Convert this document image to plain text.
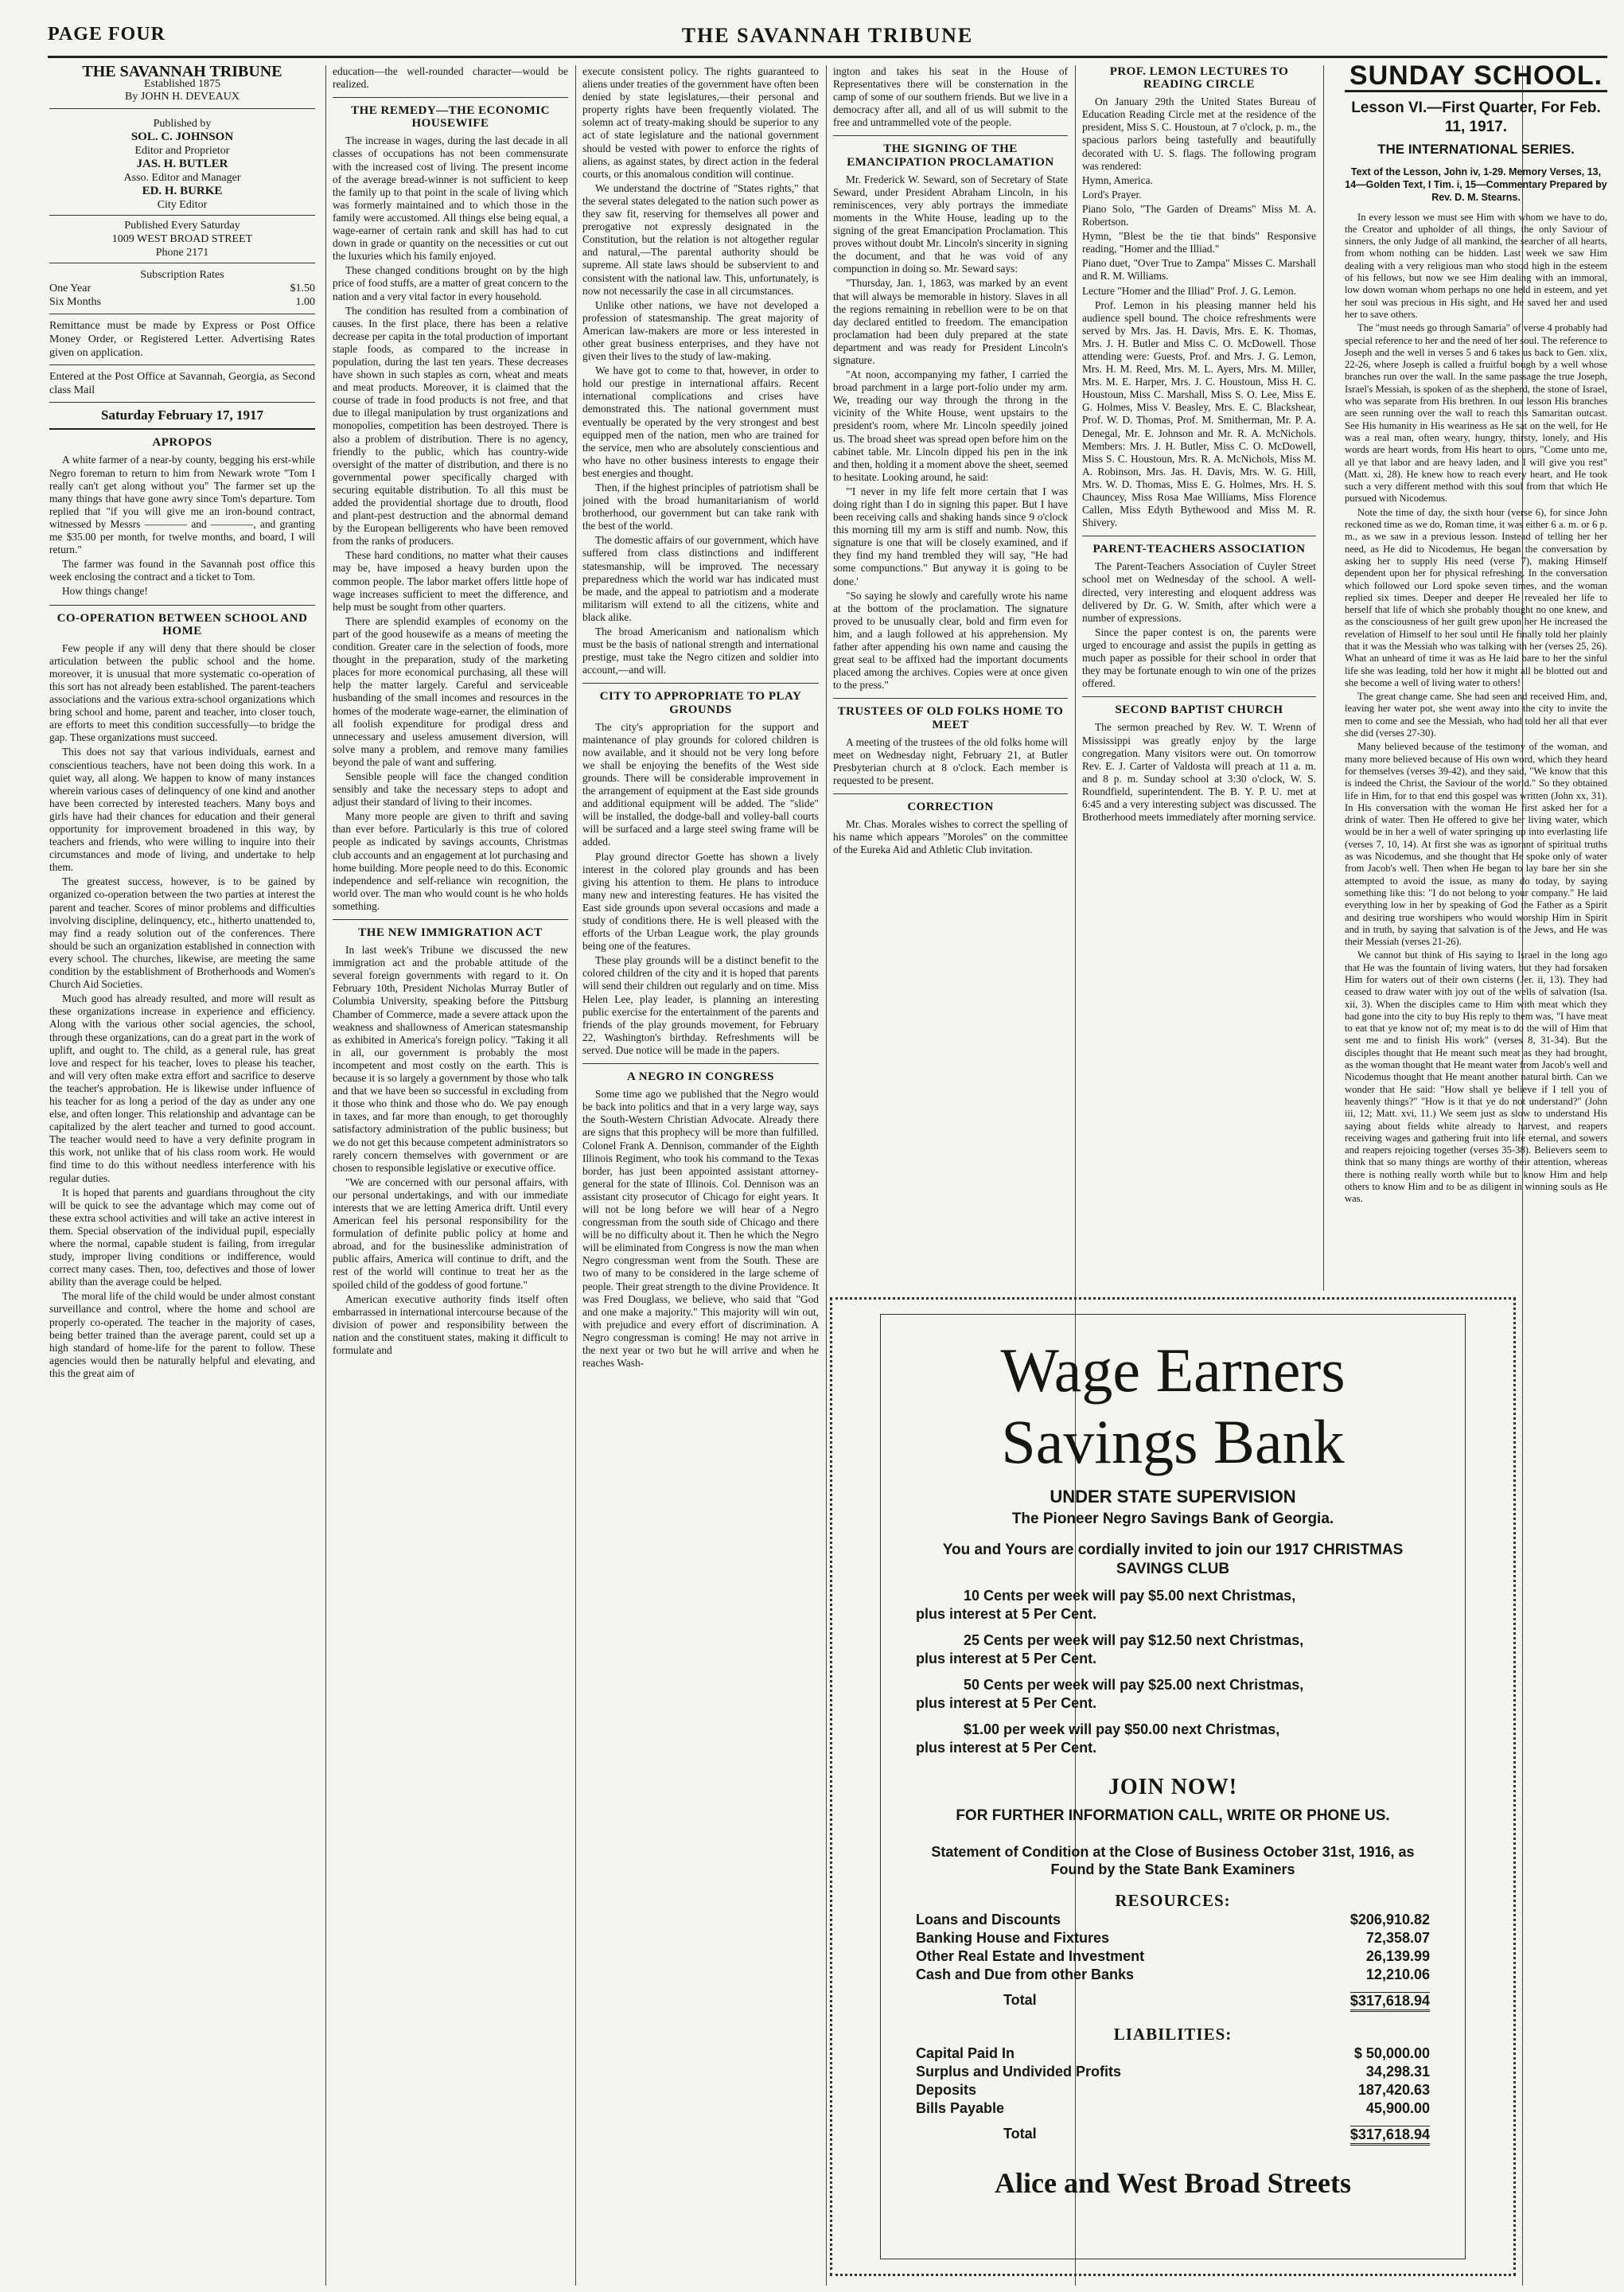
PAGE FOUR	THE SAVANNAH TRIBUNE
THE SAVANNAH TRIBUNE
Established 1875
By JOHN H. DEVEAUX
Published by
SOL. C. JOHNSON
Editor and Proprietor
JAS. H. BUTLER
Asso. Editor and Manager
ED. H. BURKE
City Editor
Published Every Saturday
1009 WEST BROAD STREET
Phone 2171
Subscription Rates
One Year	$1.50
Six Months	1.00
Remittance must be made by Express or Post Office Money Order, or Registered Letter. Advertising Rates given on application.
Entered at the Post Office at Savannah, Georgia, as Second class Mail
Saturday February 17, 1917
APROPOS

A white farmer of a near-by county, begging his erst-while Negro foreman to return to him from Newark wrote "Tom I really can't get along without you" The farmer set up the many things that have gone awry since Tom's departure. Tom replied that "if you will give me an iron-bound contract, witnessed by Messrs ———— and ————, and granting me $35.00 per month, for twelve months, and board, I will return."

The farmer was found in the Savannah post office this week enclosing the contract and a ticket to Tom.

How things change!

CO-OPERATION BETWEEN SCHOOL AND HOME

Few people if any will deny that there should be closer articulation between the public school and the home. moreover, it is unusual that more systematic co-operation of this sort has not already been established. The parent-teachers associations and the various extra-school organizations which bring school and home, parent and teacher, into closer touch, are efforts to meet this condition successfully—to bridge the gap. These organizations must succeed.

This does not say that various individuals, earnest and conscientious teachers, have not been doing this work. In a quiet way, all along. We happen to know of many instances wherein various cases of delinquency of one kind and another have been corrected by interested teachers. Many boys and girls have had their chances for education and their general opportunity for improvement broadened in this way, by teachers and friends, who were willing to inquire into their circumstances and mode of living, and undertake to help them.

The greatest success, however, is to be gained by organized co-operation between the two parties at interest the parent and teacher. Scores of minor problems and difficulties involving discipline, delinquency, etc., hitherto unattended to, may find a ready solution out of the conferences. There should be such an organization established in connection with every school. The churches, likewise, are meeting the same condition by the establishment of Brotherhoods and Women's Church Aid Societies.

Much good has already resulted, and more will result as these organizations increase in experience and efficiency. Along with the various other social agencies, the school, through these organizations, can do a great part in the work of uplift, and ought to. The child, as a general rule, has great love and respect for his teacher, loves to please his teacher, and will very often make extra effort and sacrifice to deserve the teacher's approbation. He is likewise under influence of his teacher for as long a period of the day as under any one else, and often longer. This relationship and advantage can be capitalized by the alert teacher and turned to good account. The teacher would need to have a very definite program in this work, not unlike that of his class room work. He would find time to do this without needless interference with his regular duties.

It is hoped that parents and guardians throughout the city will be quick to see the advantage which may come out of these extra school activities and will take an active interest in them. Special observation of the individual pupil, especially where the normal, capable student is failing, from irregular study, improper living conditions or indifference, would correct many cases. Then, too, defectives and those of lower ability than the average could be helped.

The moral life of the child would be under almost constant surveillance and control, where the home and school are properly co-operated. The teacher in the majority of cases, being better trained than the average parent, could set up a high standard of home-life for the parent to follow. These agencies would then be naturally helpful and elevating, and this the great aim of

education—the well-rounded character—would be realized.

THE REMEDY—THE ECONOMIC HOUSEWIFE

The increase in wages, during the last decade in all classes of occupations has not been commensurate with the increased cost of living. The present income of the average bread-winner is not sufficient to keep the family up to that point in the scale of living which was formerly maintained and to which those in the family were accustomed. All things else being equal, a wage-earner of certain rank and skill has had to cut down in grade or quantity on the necessities or cut out the luxuries which his family enjoyed.

These changed conditions brought on by the high price of food stuffs, are a matter of great concern to the nation and a very vital factor in every household.

The condition has resulted from a combination of causes. In the first place, there has been a relative decrease per capita in the total production of important staple foods, as compared to the increase in population, during the last ten years. These decreases have shown in such staples as corn, wheat and meats and meat products. Moreover, it is claimed that the course of trade in food products is not free, and that due to illegal manipulation by trust organizations and monopolies, competition has been destroyed. There is also a problem of distribution. There is no agency, friendly to the public, which has country-wide oversight of the matter of distribution, and there is no governmental power specifically charged with securing equitable distribution. To all this must be added the providential shortage due to drouth, flood and plant-pest destruction and the abnormal demand by the European belligerents who have been removed from the ranks of producers.

These hard conditions, no matter what their causes may be, have imposed a heavy burden upon the common people. The labor market offers little hope of wage increases sufficient to meet the difference, and help must be sought from other quarters.

There are splendid examples of economy on the part of the good housewife as a means of meeting the condition. Greater care in the selection of foods, more thought in the preparation, study of the marketing places for more economical purchasing, all these will help the matter largely. Careful and serviceable husbanding of the small incomes and resources in the homes of the moderate wage-earner, the elimination of all foolish expenditure for prodigal dress and unnecessary and useless amusement diversion, will solve many a problem, and remove many families beyond the pale of want and suffering.

Sensible people will face the changed condition sensibly and take the necessary steps to adopt and adjust their standard of living to their incomes.

Many more people are given to thrift and saving than ever before. Particularly is this true of colored people as indicated by savings accounts, Christmas club accounts and an engagement at lot purchasing and home building. More people need to do this. Economic independence and self-reliance win recognition, the world over. The man who would count is he who holds something.

THE NEW IMMIGRATION ACT

In last week's Tribune we discussed the new immigration act and the probable attitude of the several foreign governments with regard to it. On February 10th, President Nicholas Murray Butler of Columbia University, speaking before the Pittsburg Chamber of Commerce, made a severe attack upon the weakness and shallowness of American statesmanship as exhibited in America's foreign policy. "Taking it all in all, our government is probably the most incompetent and most costly on the earth. This is because it is so largely a government by those who talk and that we have been so successful in excluding from it those who think and those who do. We pay enough in taxes, and far more than enough, to get thoroughly satisfactory administration of the public business; but we do not get this because competent administrators so rarely concern themselves with government or are chosen to responsible legislative or executive office.

"We are concerned with our personal affairs, with our personal undertakings, and with our immediate interests that we are letting America drift. Until every American feel his personal responsibility for the formulation of definite public policy at home and abroad, and for the businesslike administration of public affairs, America will continue to drift, and the rest of the world will continue to treat her as the spoiled child of the goddess of good fortune."

American executive authority finds itself often embarrassed in international intercourse because of the division of power and responsibility between the nation and the constituent states, making it difficult to formulate and

execute consistent policy. The rights guaranteed to aliens under treaties of the government have often been denied by state legislatures,—their personal and property rights have been frequently violated. The solemn act of treaty-making should be superior to any act of state legislature and the national government should be vested with power to enforce the rights of aliens, as against states, by direct action in the federal courts, or this anomalous condition will continue.

We understand the doctrine of "States rights," that the several states delegated to the nation such power as they saw fit, reserving for themselves all power and prerogative not expressly designated in the Constitution, but the relation is not altogether regular and natural,—The parental authority should be supreme. All state laws should be subservient to and consistent with the national law. This, unfortunately, is now not necessarily the case in all circumstances.

Unlike other nations, we have not developed a profession of statesmanship. The great majority of American law-makers are more or less interested in other great business enterprises, and they have not given their lives to the study of law-making.

We have got to come to that, however, in order to hold our prestige in international affairs. Recent international complications and crises have demonstrated this. The national government must eventually be operated by the very strongest and best equipped men of the nation, men who are trained for the service, men who are absolutely conscientious and who have no other business interests to engage their best energies and thought.

Then, if the highest principles of patriotism shall be joined with the broad humanitarianism of world brotherhood, our government but can take rank with the best of the world.

The domestic affairs of our government, which have suffered from class distinctions and indifferent statesmanship, will be improved. The necessary preparedness which the world war has indicated must be made, and the appeal to patriotism and a moderate militarism will extend to all the citizens, white and black alike.

The broad Americanism and nationalism which must be the basis of national strength and international prestige, must take the Negro citizen and soldier into account,—and will.

CITY TO APPROPRIATE TO PLAY GROUNDS

The city's appropriation for the support and maintenance of play grounds for colored children is now available, and it should not be very long before we shall be enjoying the benefits of the West side grounds. There will be considerable improvement in the arrangement of equipment at the East side grounds and additional equipment will be added. The "slide" will be installed, the dodge-ball and volley-ball courts will be surfaced and a large steel swing frame will be added.

Play ground director Goette has shown a lively interest in the colored play grounds and has been giving his attention to them. He plans to introduce many new and interesting features. He has visited the East side grounds upon several occasions and made a study of conditions there. He is well pleased with the efforts of the Urban League work, the play grounds being one of the features.

These play grounds will be a distinct benefit to the colored children of the city and it is hoped that parents will send their children out regularly and on time. Miss Helen Lee, play leader, is planning an interesting public exercise for the entertainment of the parents and friends of the play grounds movement, for February 22, Washington's birthday. Refreshments will be served. Due notice will be made in the papers.

A NEGRO IN CONGRESS

Some time ago we published that the Negro would be back into politics and that in a very large way, says the South-Western Christian Advocate. Already there are signs that this prophecy will be more than fulfilled. Colonel Frank A. Dennison, commander of the Eighth Illinois Regiment, who took his command to the Texas border, has just been appointed assistant attorney-general for the state of Illinois. Col. Dennison was an assistant city prosecutor of Chicago for eight years. It will not be long before we will hear of a Negro congressman from the south side of Chicago and there will be no difficulty about it. Then he which the Negro will be eliminated from Congress is now the man when Negro congressman went from the South. These are two of many to be considered in the large scheme of people. Their great strength to the divine Providence. It was Fred Douglass, we believe, who said that "God and one make a majority." This majority will win out, with prejudice and every effort of discrimination. A Negro congressman is coming! He may not arrive in the next year or two but he will arrive and when he reaches Wash-

ington and takes his seat in the House of Representatives there will be consternation in the camp of some of our southern friends. But we live in a democracy after all, and all of us will submit to the free and untrammelled vote of the people.

THE SIGNING OF THE EMANCIPATION PROCLAMATION

Mr. Frederick W. Seward, son of Secretary of State Seward, under President Abraham Lincoln, in his reminiscences, very ably portrays the immediate moments in the White House, leading up to the signing of the great Emancipation Proclamation. This proves without doubt Mr. Lincoln's sincerity in signing the document, and that he was void of any compunction in doing so. Mr. Seward says:

"Thursday, Jan. 1, 1863, was marked by an event that will always be memorable in history. Slaves in all the regions remaining in rebellion were to be on that day declared entitled to freedom. The emancipation proclamation had been duly prepared at the state department and was ready for President Lincoln's signature.

"At noon, accompanying my father, I carried the broad parchment in a large port-folio under my arm. We, treading our way through the throng in the vicinity of the White House, went upstairs to the president's room, where Mr. Lincoln speedily joined us. The broad sheet was spread open before him on the cabinet table. Mr. Lincoln dipped his pen in the ink and then, holding it a moment above the sheet, seemed to hesitate. Looking around, he said:

"'I never in my life felt more certain that I was doing right than I do in signing this paper. But I have been receiving calls and shaking hands since 9 o'clock this morning till my arm is stiff and numb. Now, this signature is one that will be closely examined, and if they find my hand trembled they will say, "He had some compunctions." But anyway it is going to be done.'

"So saying he slowly and carefully wrote his name at the bottom of the proclamation. The signature proved to be unusually clear, bold and firm even for him, and a laugh followed at his apprehension. My father after appending his own name and causing the great seal to be affixed had the important documents placed among the archives. Copies were at once given to the press."

TRUSTEES OF OLD FOLKS HOME TO MEET

A meeting of the trustees of the old folks home will meet on Wednesday night, February 21, at Butler Presbyterian church at 8 o'clock. Each member is requested to be present.

CORRECTION

Mr. Chas. Morales wishes to correct the spelling of his name which appears "Moroles" on the committee of the Eureka Aid and Athletic Club invitation.

PROF. LEMON LECTURES TO READING CIRCLE

On January 29th the United States Bureau of Education Reading Circle met at the residence of the president, Miss S. C. Houstoun, at 7 o'clock, p. m., the spacious parlors being tastefully and beautifully decorated with U. S. flags. The following program was rendered:

Hymn, America.

Lord's Prayer.

Piano Solo, "The Garden of Dreams" Miss M. A. Robertson.

Hymn, "Blest be the tie that binds" Responsive reading, "Homer and the Illiad."

Piano duet, "Over True to Zampa" Misses C. Marshall and R. M. Williams.

Lecture "Homer and the Illiad" Prof. J. G. Lemon.

Prof. Lemon in his pleasing manner held his audience spell bound. The choice refreshments were served by Mrs. Jas. H. Davis, Mrs. E. K. Thomas, Mrs. J. H. Butler and Miss C. O. McDowell. Those attending were: Guests, Prof. and Mrs. J. G. Lemon, Mrs. H. M. Reed, Mrs. M. L. Ayers, Mrs. M. Miller, Mrs. M. E. Harper, Mrs. J. C. Houstoun, Miss H. C. Houstoun, Miss C. Marshall, Miss S. O. Lee, Miss E. G. Holmes, Miss V. Beasley, Mrs. E. C. Blackshear, Prof. W. D. Thomas, Prof. M. Smitherman, Mr. P. A. Denegal, Mr. E. Johnson and Mr. R. A. McNichols. Members: Mrs. J. H. Butler, Miss C. O. McDowell, Miss S. C. Houstoun, Mrs. R. A. McNichols, Miss M. A. Robinson, Mrs. Jas. H. Davis, Mrs. W. G. Hill, Mrs. W. D. Thomas, Miss E. G. Holmes, Mrs. H. S. Chauncey, Miss Rosa Mae Williams, Miss Florence Callen, Miss Edyth Bythewood and Miss M. R. Shivery.

PARENT-TEACHERS ASSOCIATION

The Parent-Teachers Association of Cuyler Street school met on Wednesday of the school. A well-directed, very interesting and eloquent address was delivered by Dr. G. W. Smith, after which were a number of expressions.

Since the paper contest is on, the parents were urged to encourage and assist the pupils in getting as much paper as possible for their school in order that they may be fortunate enough to win one of the prizes offered.

SECOND BAPTIST CHURCH

The sermon preached by Rev. W. T. Wrenn of Mississippi was greatly enjoy by the large congregation. Many visitors were out. On tomorrow Rev. E. J. Carter of Valdosta will preach at 11 a. m. and 8 p. m. Sunday school at 3:30 o'clock, W. S. Roundfield, superintendent. The B. Y. P. U. met at 6:45 and a very interesting subject was discussed. The Brotherhood meets immediately after morning service.

SUNDAY SCHOOL.
Lesson VI.—First Quarter, For Feb. 11, 1917.
THE INTERNATIONAL SERIES.
Text of the Lesson, John iv, 1-29. Memory Verses, 13, 14—Golden Text, I Tim. i, 15—Commentary Prepared by Rev. D. M. Stearns.

In every lesson we must see Him with whom we have to do, the Creator and upholder of all things, the only Saviour of sinners, the only Judge of all mankind, the searcher of all hearts, from whom nothing can be hidden. Last week we saw Him dealing with a very religious man who stood high in the esteem of his fellows, but now we see Him dealing with an immoral, low down woman whom perhaps no one held in esteem, and yet her soul was precious in His sight, and He saved her and used her to save others.

The "must needs go through Samaria" of verse 4 probably had special reference to her and the need of her soul. The reference to Joseph and the well in verses 5 and 6 takes us back to Gen. xlix, 22-26, where Joseph is called a fruitful bough by a well whose branches run over the wall. In the same passage the true Joseph, Israel's Messiah, is spoken of as the shepherd, the stone of Israel, who was separate from His brethren. In our lesson His branches are seen running over the wall to reach this Samaritan outcast. See His humanity in His weariness as He sat on the well, for He was a real man, often weary, hungry, thirsty, lonely, and His words are heart words, from His heart to ours, "Come unto me, all ye that labor and are heavy laden, and I will give you rest" (Matt. xi, 28). He knew how to reach every heart, and He took such a very different method with this soul from that which He pursued with Nicodemus.

Note the time of day, the sixth hour (verse 6), for since John reckoned time as we do, Roman time, it was either 6 a. m. or 6 p. m., as we saw in a previous lesson. Instead of telling her her need, as He did to Nicodemus, He began the conversation by asking her to supply His need (verse 7), making Himself dependent upon her for physical refreshing. In the conversation which followed our Lord spoke seven times, and the woman replied six times. Deeper and deeper He revealed her life to herself that life of which she probably thought no one knew, and as the consciousness of her guilt grew upon her He increased the revelation of Himself to her soul until He finally told her plainly that it was the Messiah who was talking with her (verses 25, 26). What an unheard of time it was as He laid bare to her the sinful life she was leading, told her how it might all be blotted out and she become a well of living water to others!

The great change came. She had seen and received Him, and, leaving her water pot, she went away into the city to invite the men to come and see the Messiah, who had told her all that ever she did (verses 27-30).

Many believed because of the testimony of the woman, and many more believed because of His own word, which they heard for themselves (verses 39-42), and they said, "We know that this is indeed the Christ, the Saviour of the world." So they obtained life in Him, for to that end this gospel was written (John xx, 31). In His conversation with the woman He first asked her for a drink of water. Then He offered to give her living water, which would be in her a well of water springing up into everlasting life (verses 7, 10, 14). At first she was as ignorant of spiritual truths as was Nicodemus, and she thought that He spoke only of water from Jacob's well. Then when He began to lay bare her sin she attempted to avoid the issue, as many do today, by saying something like this: "I do not belong to your company." He laid everything low in her by speaking of God the Father as a Spirit and desiring true worshipers who would worship Him in Spirit and in truth, by saying that salvation is of the Jews, and He was their Messiah (verses 21-26).

We cannot but think of His saying to Israel in the long ago that He was the fountain of living waters, but they had forsaken Him for waters out of their own cisterns (Jer. ii, 13). They had ceased to draw water with joy out of the wells of salvation (Isa. xii, 3). When the disciples came to Him with meat which they had gone into the city to buy His reply to them was, "I have meat to eat that ye know not of; my meat is to do the will of Him that sent me and to finish His work" (verses 8, 31-34). But the disciples thought that He meant such meat as they had brought, as the woman thought that He meant water from Jacob's well and Nicodemus thought that He meant another natural birth. Can we wonder that He said: "How shall ye believe if I tell you of heavenly things?" "How is it that ye do not understand?" (John iii, 12; Matt. xvi, 11.) We seem just as slow to understand His saying about fields white already to harvest, and reapers receiving wages and gathering fruit into life eternal, and sowers and reapers rejoicing together (verses 35-38). Believers seem to think that so many things are worthy of their attention, whereas there is nothing really worth while but to know Him and help others to know Him and to be as diligent in winning souls as He was.

Wage Earners
Savings Bank
UNDER STATE SUPERVISION
The Pioneer Negro Savings Bank of Georgia.
You and Yours are cordially invited to join our 1917 CHRISTMAS SAVINGS CLUB
10 Cents per week will pay $5.00 next Christmas,
plus interest at 5 Per Cent.
25 Cents per week will pay $12.50 next Christmas,
plus interest at 5 Per Cent.
50 Cents per week will pay $25.00 next Christmas,
plus interest at 5 Per Cent.
$1.00 per week will pay $50.00 next Christmas,
plus interest at 5 Per Cent.
JOIN NOW!
FOR FURTHER INFORMATION CALL, WRITE OR PHONE US.
Statement of Condition at the Close of Business October 31st, 1916, as Found by the State Bank Examiners
RESOURCES:
Loans and Discounts	$206,910.82
Banking House and Fixtures	72,358.07
Other Real Estate and Investment	26,139.99
Cash and Due from other Banks	12,210.06
Total	$317,618.94
LIABILITIES:
Capital Paid In	$ 50,000.00
Surplus and Undivided Profits	34,298.31
Deposits	187,420.63
Bills Payable	45,900.00
Total	$317,618.94
Alice and West Broad Streets
